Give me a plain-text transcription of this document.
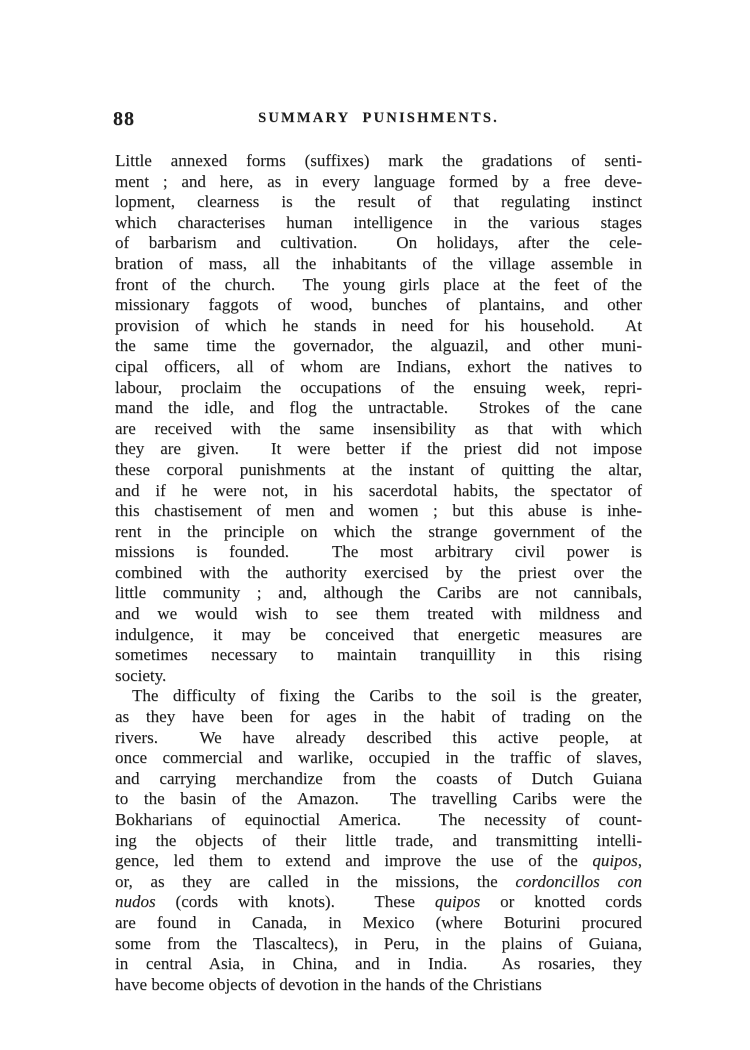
88	SUMMARY PUNISHMENTS.
Little annexed forms (suffixes) mark the gradations of senti-
ment ; and here, as in every language formed by a free deve-
lopment, clearness is the result of that regulating instinct
which characterises human intelligence in the various stages
of barbarism and cultivation.  On holidays, after the cele-
bration of mass, all the inhabitants of the village assemble in
front of the church.  The young girls place at the feet of the
missionary faggots of wood, bunches of plantains, and other
provision of which he stands in need for his household.  At
the same time the governador, the alguazil, and other muni-
cipal officers, all of whom are Indians, exhort the natives to
labour, proclaim the occupations of the ensuing week, repri-
mand the idle, and flog the untractable.  Strokes of the cane
are received with the same insensibility as that with which
they are given.  It were better if the priest did not impose
these corporal punishments at the instant of quitting the altar,
and if he were not, in his sacerdotal habits, the spectator of
this chastisement of men and women ; but this abuse is inhe-
rent in the principle on which the strange government of the
missions is founded.  The most arbitrary civil power is
combined with the authority exercised by the priest over the
little community ; and, although the Caribs are not cannibals,
and we would wish to see them treated with mildness and
indulgence, it may be conceived that energetic measures are
sometimes necessary to maintain tranquillity in this rising
society.
The difficulty of fixing the Caribs to the soil is the greater,
as they have been for ages in the habit of trading on the
rivers.  We have already described this active people, at
once commercial and warlike, occupied in the traffic of slaves,
and carrying merchandize from the coasts of Dutch Guiana
to the basin of the Amazon.  The travelling Caribs were the
Bokharians of equinoctial America.  The necessity of count-
ing the objects of their little trade, and transmitting intelli-
gence, led them to extend and improve the use of the quipos,
or, as they are called in the missions, the cordoncillos con
nudos (cords with knots).  These quipos or knotted cords
are found in Canada, in Mexico (where Boturini procured
some from the Tlascaltecs), in Peru, in the plains of Guiana,
in central Asia, in China, and in India.  As rosaries, they
have become objects of devotion in the hands of the Christians
